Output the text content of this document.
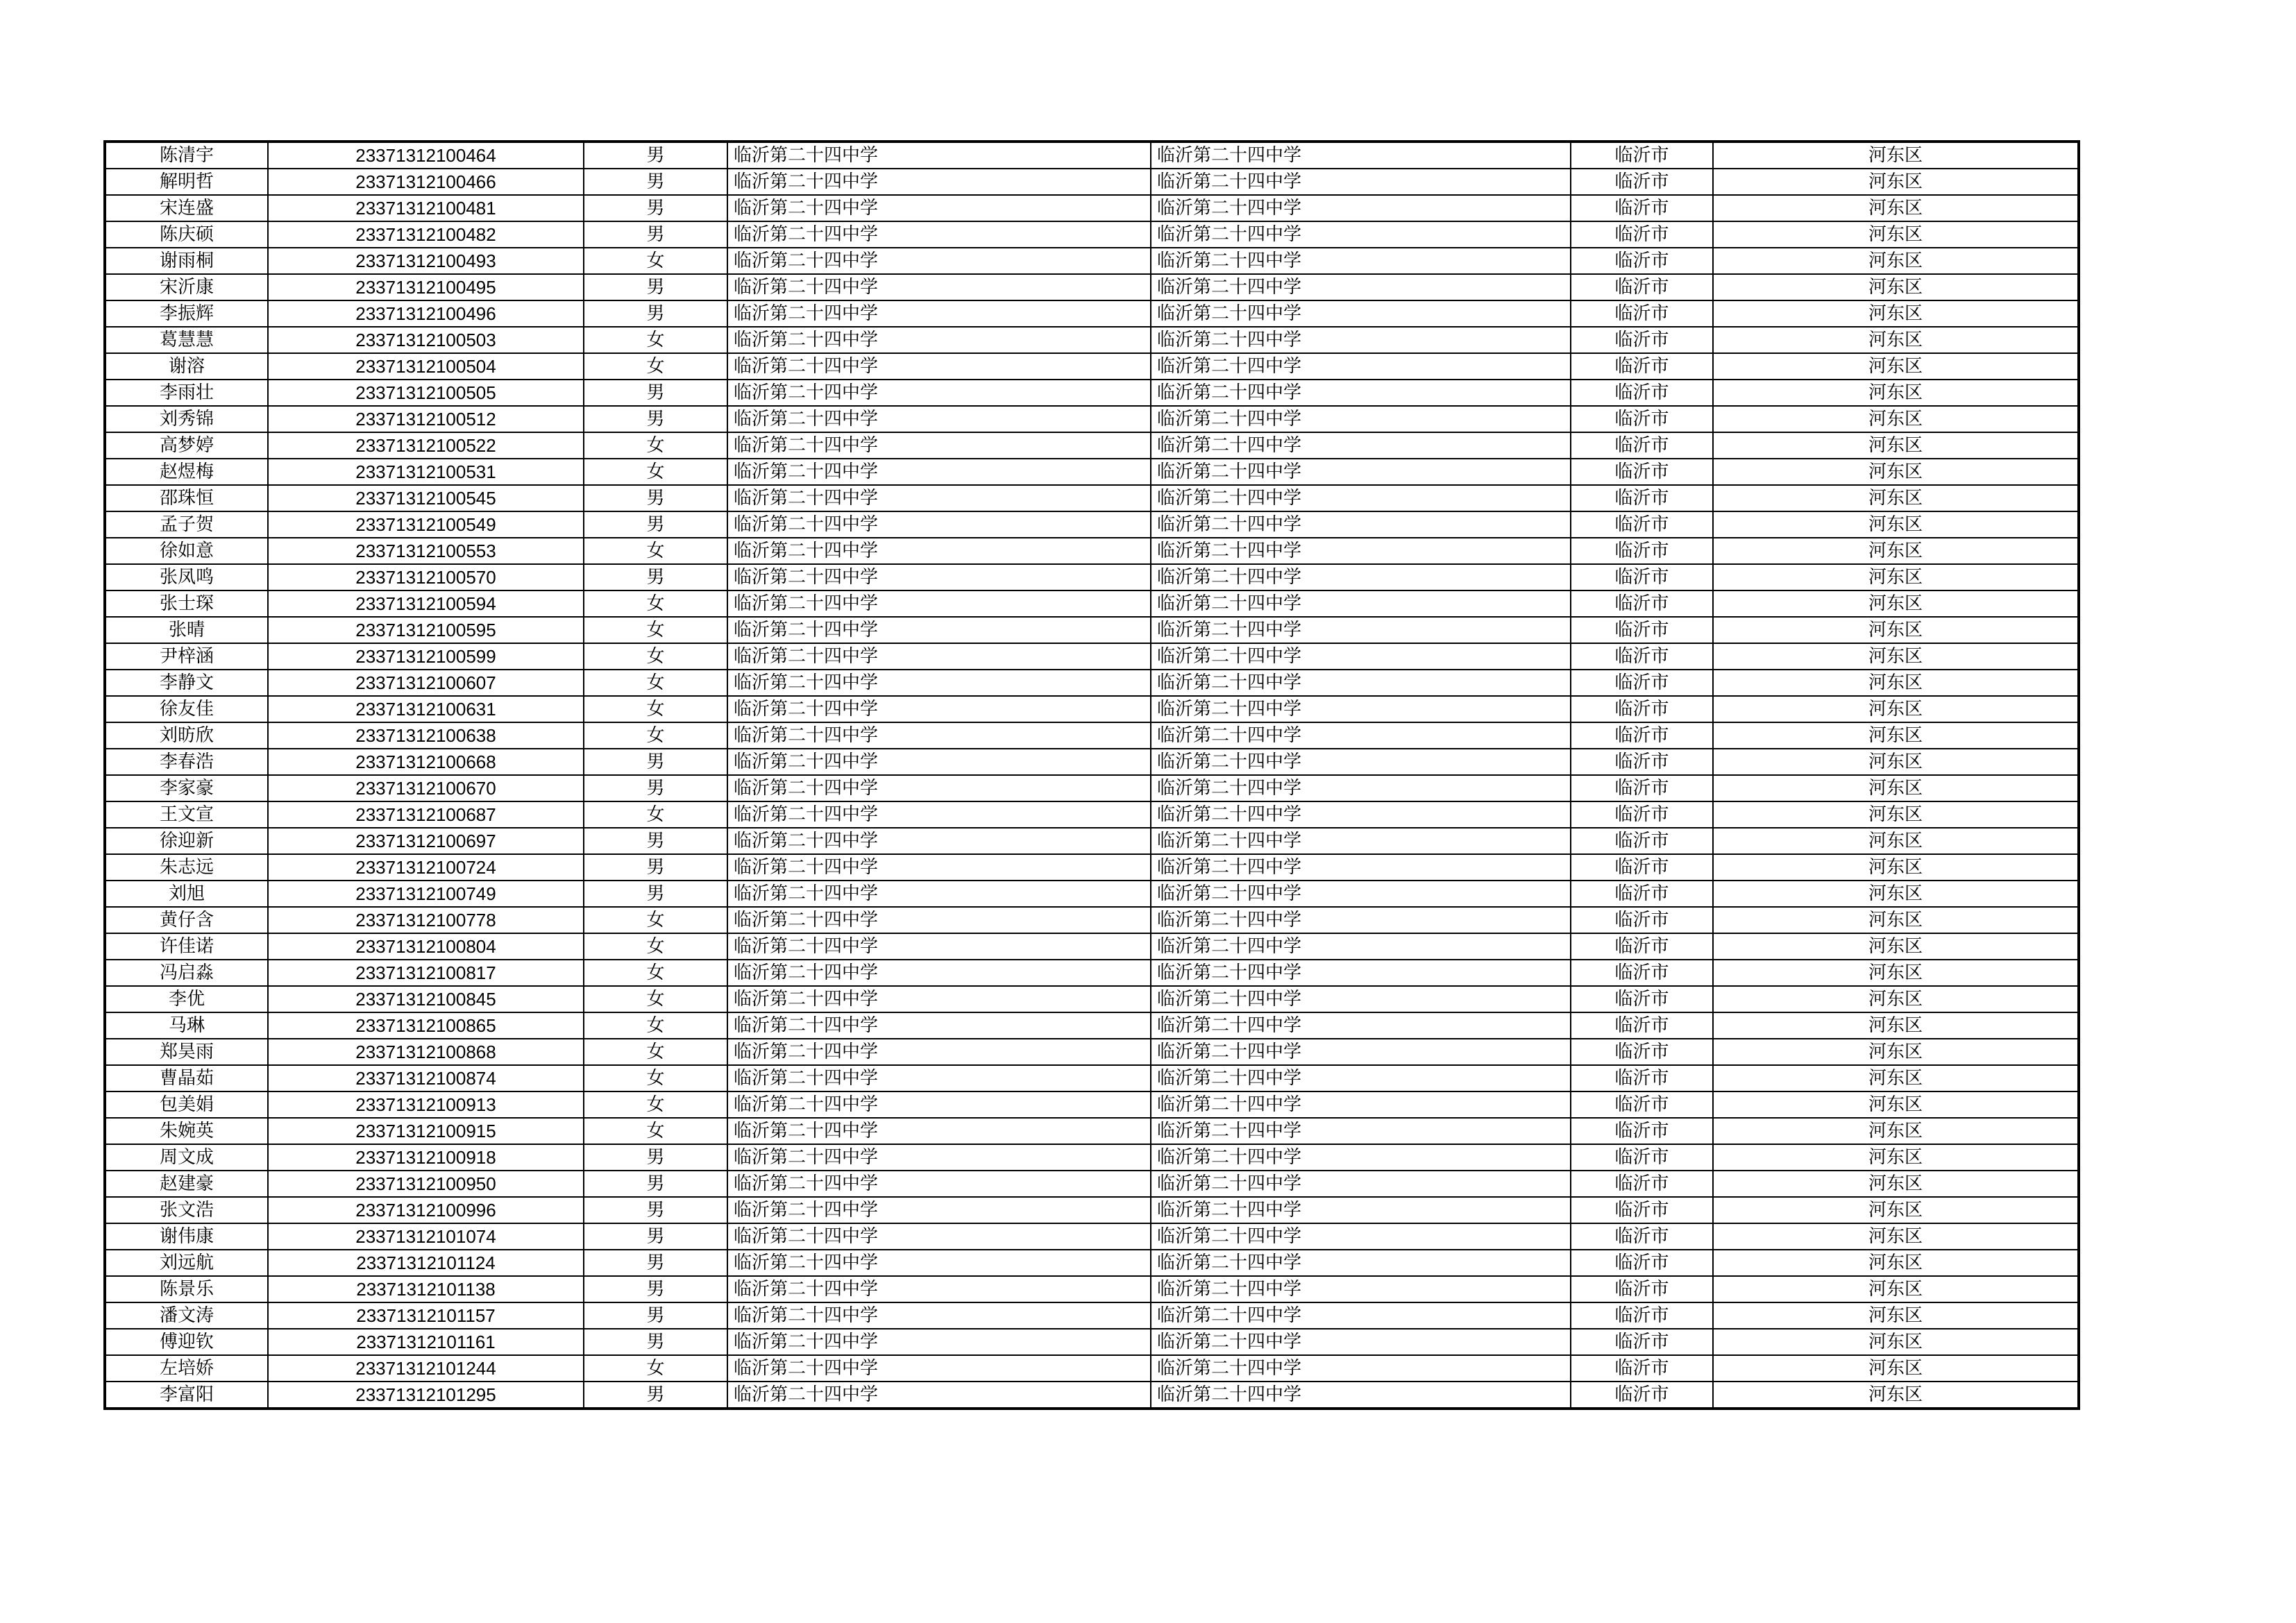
陈清宇	23371312100464	男	临沂第二十四中学	临沂第二十四中学	临沂市	河东区
解明哲	23371312100466	男	临沂第二十四中学	临沂第二十四中学	临沂市	河东区
宋连盛	23371312100481	男	临沂第二十四中学	临沂第二十四中学	临沂市	河东区
陈庆硕	23371312100482	男	临沂第二十四中学	临沂第二十四中学	临沂市	河东区
谢雨桐	23371312100493	女	临沂第二十四中学	临沂第二十四中学	临沂市	河东区
宋沂康	23371312100495	男	临沂第二十四中学	临沂第二十四中学	临沂市	河东区
李振辉	23371312100496	男	临沂第二十四中学	临沂第二十四中学	临沂市	河东区
葛慧慧	23371312100503	女	临沂第二十四中学	临沂第二十四中学	临沂市	河东区
谢溶	23371312100504	女	临沂第二十四中学	临沂第二十四中学	临沂市	河东区
李雨壮	23371312100505	男	临沂第二十四中学	临沂第二十四中学	临沂市	河东区
刘秀锦	23371312100512	男	临沂第二十四中学	临沂第二十四中学	临沂市	河东区
高梦婷	23371312100522	女	临沂第二十四中学	临沂第二十四中学	临沂市	河东区
赵煜梅	23371312100531	女	临沂第二十四中学	临沂第二十四中学	临沂市	河东区
邵珠恒	23371312100545	男	临沂第二十四中学	临沂第二十四中学	临沂市	河东区
孟子贺	23371312100549	男	临沂第二十四中学	临沂第二十四中学	临沂市	河东区
徐如意	23371312100553	女	临沂第二十四中学	临沂第二十四中学	临沂市	河东区
张凤鸣	23371312100570	男	临沂第二十四中学	临沂第二十四中学	临沂市	河东区
张士琛	23371312100594	女	临沂第二十四中学	临沂第二十四中学	临沂市	河东区
张晴	23371312100595	女	临沂第二十四中学	临沂第二十四中学	临沂市	河东区
尹梓涵	23371312100599	女	临沂第二十四中学	临沂第二十四中学	临沂市	河东区
李静文	23371312100607	女	临沂第二十四中学	临沂第二十四中学	临沂市	河东区
徐友佳	23371312100631	女	临沂第二十四中学	临沂第二十四中学	临沂市	河东区
刘昉欣	23371312100638	女	临沂第二十四中学	临沂第二十四中学	临沂市	河东区
李春浩	23371312100668	男	临沂第二十四中学	临沂第二十四中学	临沂市	河东区
李家豪	23371312100670	男	临沂第二十四中学	临沂第二十四中学	临沂市	河东区
王文宣	23371312100687	女	临沂第二十四中学	临沂第二十四中学	临沂市	河东区
徐迎新	23371312100697	男	临沂第二十四中学	临沂第二十四中学	临沂市	河东区
朱志远	23371312100724	男	临沂第二十四中学	临沂第二十四中学	临沂市	河东区
刘旭	23371312100749	男	临沂第二十四中学	临沂第二十四中学	临沂市	河东区
黄仔含	23371312100778	女	临沂第二十四中学	临沂第二十四中学	临沂市	河东区
许佳诺	23371312100804	女	临沂第二十四中学	临沂第二十四中学	临沂市	河东区
冯启淼	23371312100817	女	临沂第二十四中学	临沂第二十四中学	临沂市	河东区
李优	23371312100845	女	临沂第二十四中学	临沂第二十四中学	临沂市	河东区
马琳	23371312100865	女	临沂第二十四中学	临沂第二十四中学	临沂市	河东区
郑昊雨	23371312100868	女	临沂第二十四中学	临沂第二十四中学	临沂市	河东区
曹晶茹	23371312100874	女	临沂第二十四中学	临沂第二十四中学	临沂市	河东区
包美娟	23371312100913	女	临沂第二十四中学	临沂第二十四中学	临沂市	河东区
朱婉英	23371312100915	女	临沂第二十四中学	临沂第二十四中学	临沂市	河东区
周文成	23371312100918	男	临沂第二十四中学	临沂第二十四中学	临沂市	河东区
赵建豪	23371312100950	男	临沂第二十四中学	临沂第二十四中学	临沂市	河东区
张文浩	23371312100996	男	临沂第二十四中学	临沂第二十四中学	临沂市	河东区
谢伟康	23371312101074	男	临沂第二十四中学	临沂第二十四中学	临沂市	河东区
刘远航	23371312101124	男	临沂第二十四中学	临沂第二十四中学	临沂市	河东区
陈景乐	23371312101138	男	临沂第二十四中学	临沂第二十四中学	临沂市	河东区
潘文涛	23371312101157	男	临沂第二十四中学	临沂第二十四中学	临沂市	河东区
傅迎钦	23371312101161	男	临沂第二十四中学	临沂第二十四中学	临沂市	河东区
左培娇	23371312101244	女	临沂第二十四中学	临沂第二十四中学	临沂市	河东区
李富阳	23371312101295	男	临沂第二十四中学	临沂第二十四中学	临沂市	河东区
